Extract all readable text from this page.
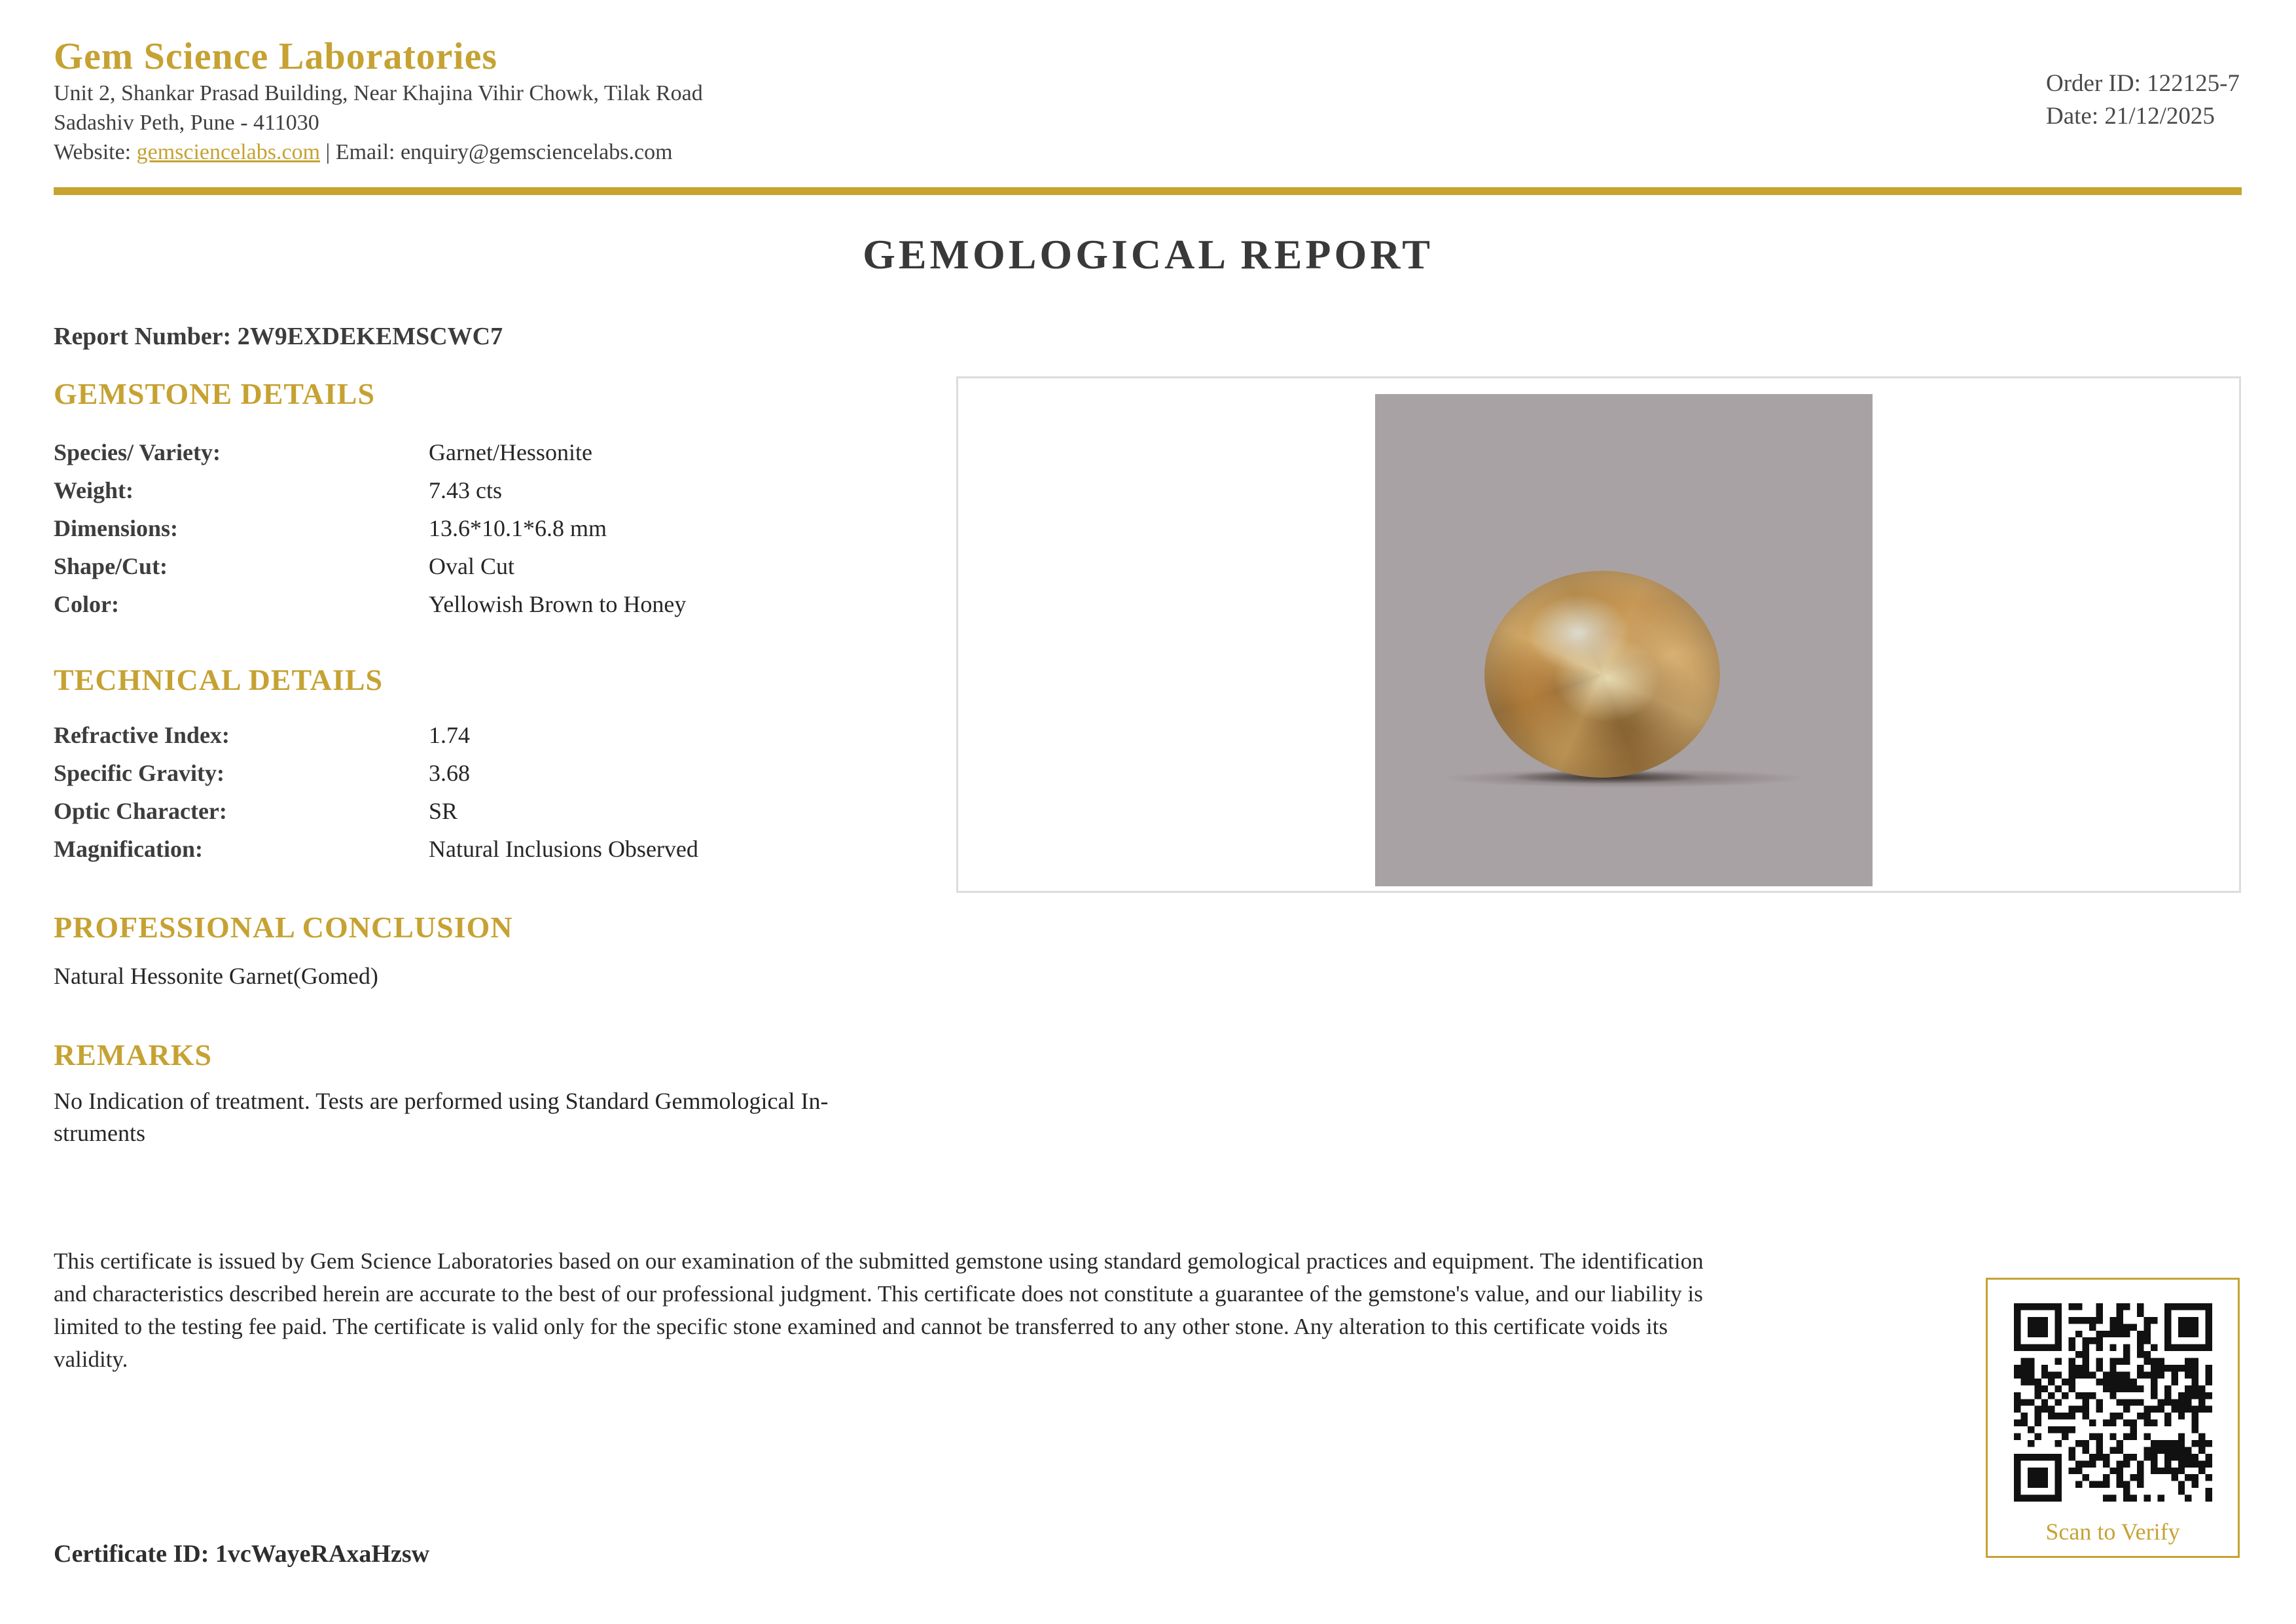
Gem Science Laboratories
Unit 2, Shankar Prasad Building, Near Khajina Vihir Chowk, Tilak Road
Sadashiv Peth, Pune - 411030
Website: gemsciencelabs.com | Email: enquiry@gemsciencelabs.com
Order ID: 122125-7
Date: 21/12/2025
GEMOLOGICAL REPORT
Report Number: 2W9EXDEKEMSCWC7
GEMSTONE DETAILS
Species/ Variety:	Garnet/Hessonite
Weight:	7.43 cts
Dimensions:	13.6*10.1*6.8 mm
Shape/Cut:	Oval Cut
Color:	Yellowish Brown to Honey
TECHNICAL DETAILS
Refractive Index:	1.74
Specific Gravity:	3.68
Optic Character:	SR
Magnification:	Natural Inclusions Observed
PROFESSIONAL CONCLUSION
Natural Hessonite Garnet(Gomed)
REMARKS
No Indication of treatment. Tests are performed using Standard Gemmological In-
struments
This certificate is issued by Gem Science Laboratories based on our examination of the submitted gemstone using standard gemological practices and equipment. The identification and characteristics described herein are accurate to the best of our professional judgment. This certificate does not constitute a guarantee of the gemstone's value, and our liability is limited to the testing fee paid. The certificate is valid only for the specific stone examined and cannot be transferred to any other stone. Any alteration to this certificate voids its validity.
Certificate ID: 1vcWayeRAxaHzsw
Scan to Verify
